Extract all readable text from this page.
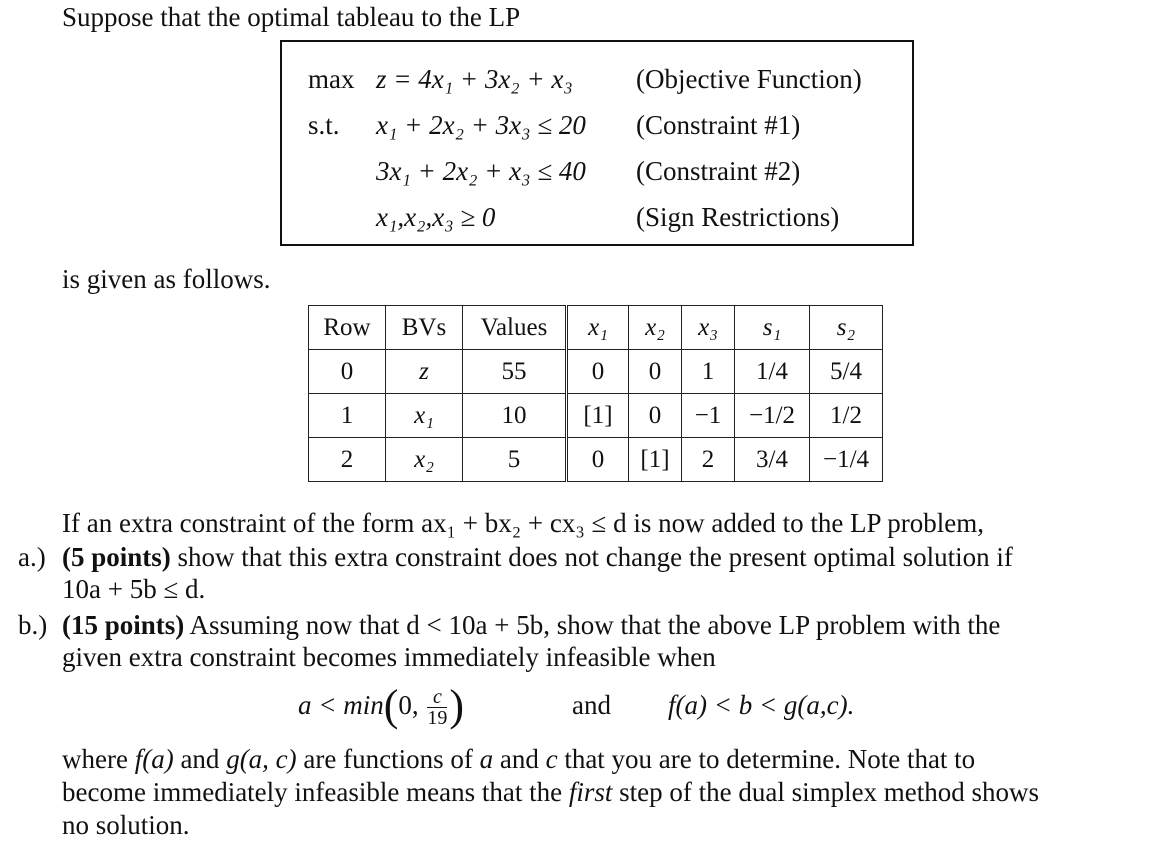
Suppose that the optimal tableau to the LP
max z = 4x₁ + 3x₂ + x₃ (Objective Function)
s.t. x₁ + 2x₂ + 3x₃ ≤ 20 (Constraint #1)
3x₁ + 2x₂ + x₃ ≤ 40 (Constraint #2)
x₁,x₂,x₃ ≥ 0	(Sign Restrictions)
is given as follows.
Row	BVs	Values	x₁	x₂	x₃	s₁	s₂
0	z	55	0	0	1	1/4	5/4
1	x₁	10	[1]	0	−1	−1/2	1/2
2	x₂	5	0	[1]	2	3/4	−1/4
If an extra constraint of the form ax₁ + bx₂ + cx₃ ≤ d is now added to the LP problem,
a.) (5 points) show that this extra constraint does not change the present optimal solution if
10a + 5b ≤ d.
b.) (15 points) Assuming now that d < 10a + 5b, show that the above LP problem with the
given extra constraint becomes immediately infeasible when
a < min(0, $\frac{c}{19}$ )	and f(a) < b < g(a,c).
where f(a) and g(a, c) are functions of a and c that you are to determine. Note that to
become immediately infeasible means that the first step of the dual simplex method shows
no solution.
